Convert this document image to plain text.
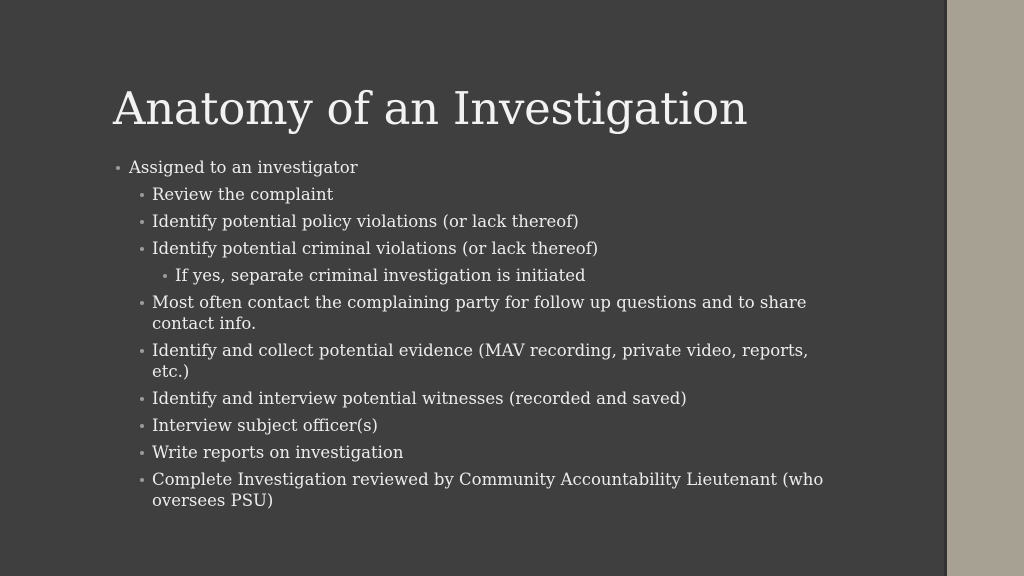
Anatomy of an Investigation
Assigned to an investigator
Review the complaint
Identify potential policy violations (or lack thereof)
Identify potential criminal violations (or lack thereof)
If yes, separate criminal investigation is initiated
Most often contact the complaining party for follow up questions and to share contact info.
Identify and collect potential evidence (MAV recording, private video, reports, etc.)
Identify and interview potential witnesses (recorded and saved)
Interview subject officer(s)
Write reports on investigation
Complete Investigation reviewed by Community Accountability Lieutenant (who oversees PSU)
